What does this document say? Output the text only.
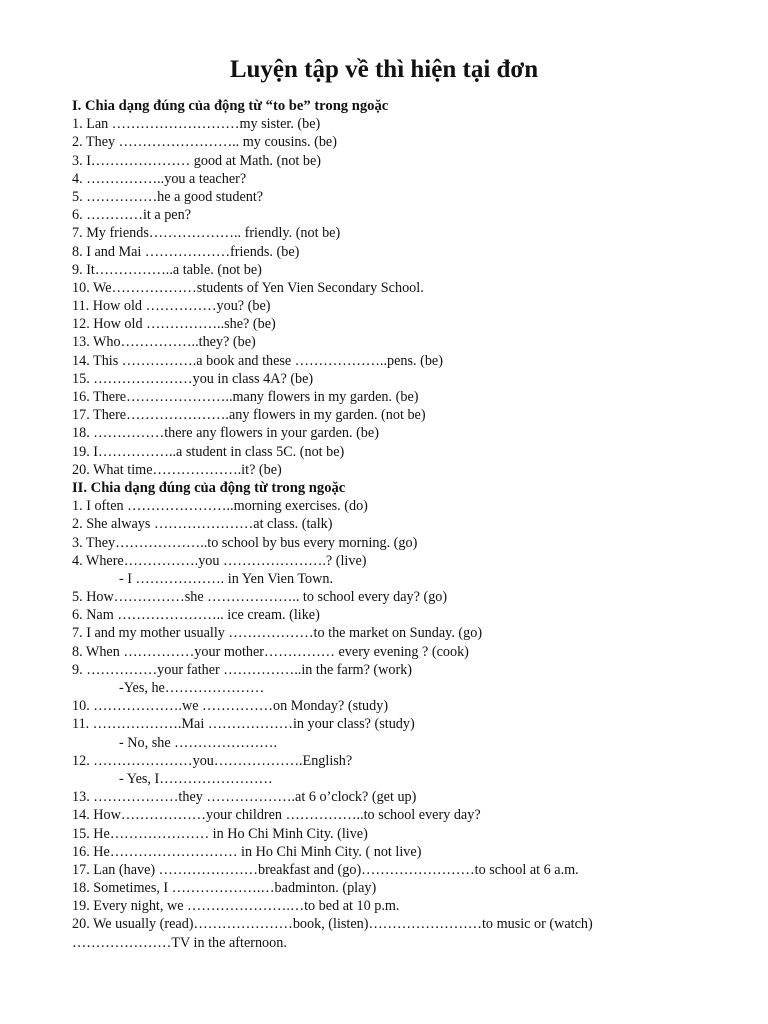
Luyện tập về thì hiện tại đơn
I. Chia dạng đúng của động từ “to be” trong ngoặc
1. Lan ………………………my sister. (be)
2. They …………………….. my cousins. (be)
3. I………………… good at Math. (not be)
4. ……………..you a teacher?
5. ……………he a good student?
6. …………it a pen?
7. My friends……………….. friendly. (not be)
8. I and Mai ………………friends. (be)
9. It……………..a table. (not be)
10. We………………students of Yen Vien Secondary School.
11. How old ……………you? (be)
12. How old ……………..she? (be)
13. Who……………..they? (be)
14. This …………….a book and these ………………..pens. (be)
15. …………………you in class 4A? (be)
16. There…………………..many flowers in my garden. (be)
17. There………………….any flowers in my garden. (not be)
18. ……………there any flowers in your garden. (be)
19. I……………..a student in class 5C. (not be)
20. What time……………….it? (be)
II. Chia dạng đúng của động từ trong ngoặc
1. I often …………………..morning exercises. (do)
2. She always …………………at class. (talk)
3. They………………..to school by bus every morning. (go)
4. Where…………….you ………………….? (live)
- I ………………. in Yen Vien Town.
5. How……………she ……………….. to school every day? (go)
6. Nam ………………….. ice cream. (like)
7. I and my mother usually ………………to the market on Sunday. (go)
8. When ……………your mother…………… every evening ? (cook)
9. ……………your father ……………..in the farm? (work)
-Yes, he…………………
10. ……………….we ……………on Monday? (study)
11. ……………….Mai ………………in your class? (study)
- No, she ………………….
12. …………………you……………….English?
- Yes, I……………………
13. ………………they ……………….at 6 o’clock? (get up)
14. How………………your children ……………..to school every day?
15. He………………… in Ho Chi Minh City. (live)
16. He……………………… in Ho Chi Minh City. ( not live)
17. Lan (have) …………………breakfast and (go)……………………to school at 6 a.m.
18. Sometimes, I ……………….…badminton. (play)
19. Every night, we ………………….…to bed at 10 p.m.
20. We usually (read)…………………book, (listen)……………………to music or (watch)
…………………TV in the afternoon.
